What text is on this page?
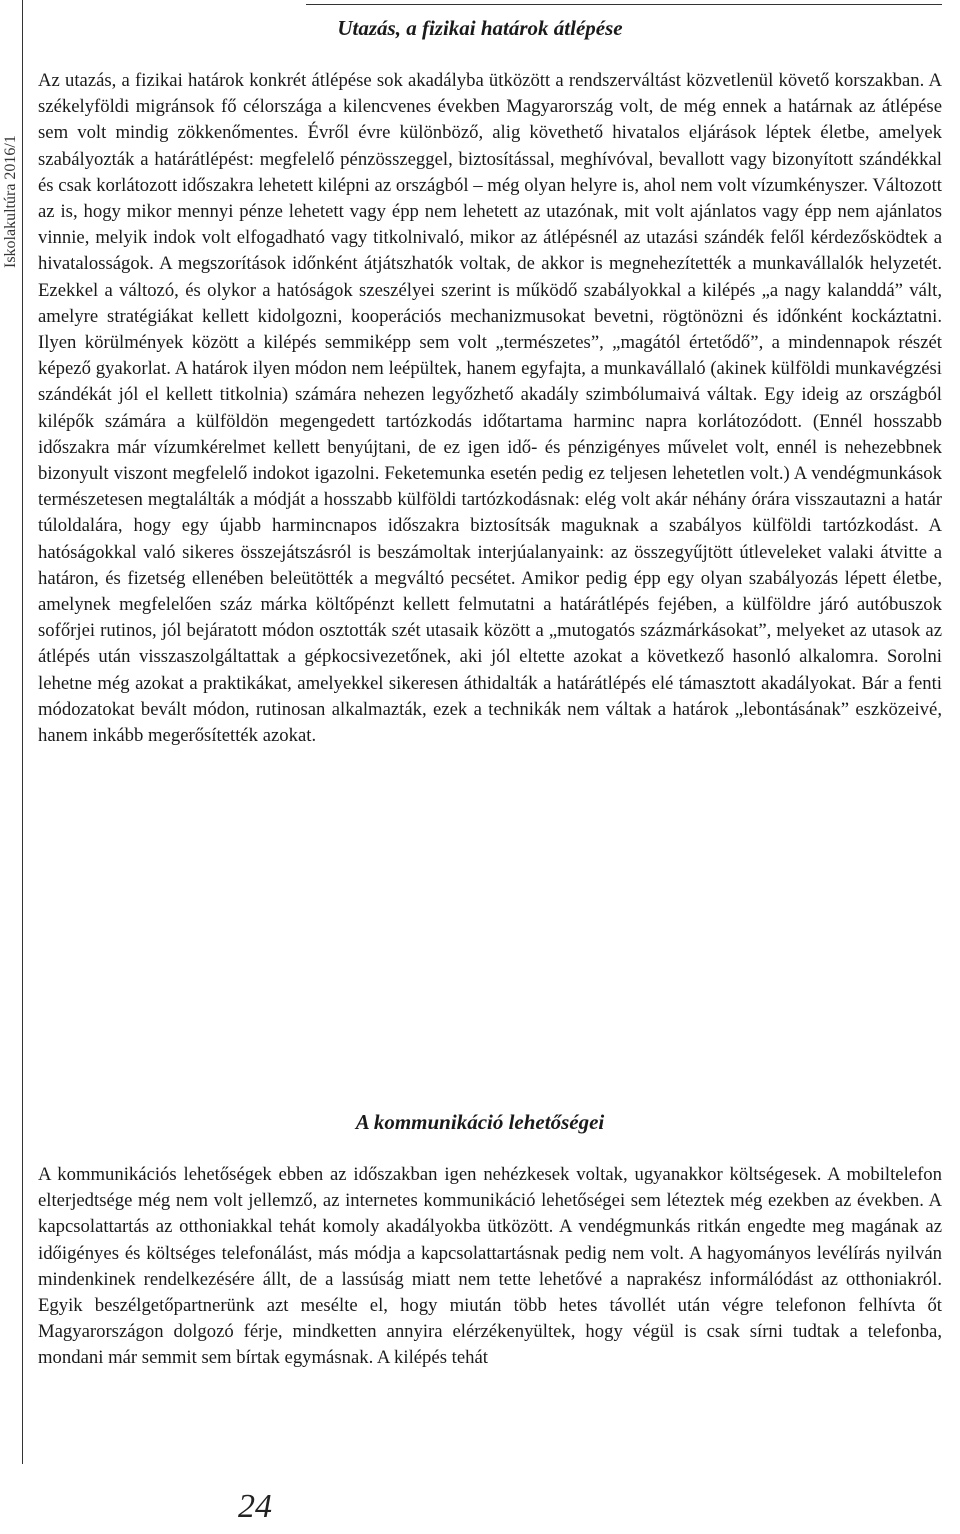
Iskolakultúra 2016/1
Utazás, a fizikai határok átlépése

Az utazás, a fizikai határok konkrét átlépése sok akadályba ütközött a rendszerváltást közvetlenül követő korszakban. A székelyföldi migránsok fő célországa a kilencvenes években Magyarország volt, de még ennek a határnak az átlépése sem volt mindig zökkenőmentes. Évről évre különböző, alig követhető hivatalos eljárások léptek életbe, amelyek szabályozták a határátlépést: megfelelő pénzösszeggel, biztosítással, meghívóval, bevallott vagy bizonyított szándékkal és csak korlátozott időszakra lehetett kilépni az országból – még olyan helyre is, ahol nem volt vízumkényszer. Változott az is, hogy mikor mennyi pénze lehetett vagy épp nem lehetett az utazónak, mit volt ajánlatos vagy épp nem ajánlatos vinnie, melyik indok volt elfogadható vagy titkolnivaló, mikor az átlépésnél az utazási szándék felől kérdezősködtek a hivatalosságok. A megszorítások időnként átjátszhatók voltak, de akkor is megnehezítették a munkavállalók helyzetét. Ezekkel a változó, és olykor a hatóságok szeszélyei szerint is működő szabályokkal a kilépés „a nagy kalanddá” vált, amelyre stratégiákat kellett kidolgozni, kooperációs mechanizmusokat bevetni, rögtönözni és időnként kockáztatni. Ilyen körülmények között a kilépés semmiképp sem volt „természetes”, „magától értetődő”, a mindennapok részét képező gyakorlat. A határok ilyen módon nem leépültek, hanem egyfajta, a munkavállaló (akinek külföldi munkavégzési szándékát jól el kellett titkolnia) számára nehezen legyőzhető akadály szimbólumaivá váltak. Egy ideig az országból kilépők számára a külföldön megengedett tartózkodás időtartama harminc napra korlátozódott. (Ennél hosszabb időszakra már vízumkérelmet kellett benyújtani, de ez igen idő- és pénzigényes művelet volt, ennél is nehezebbnek bizonyult viszont megfelelő indokot igazolni. Feketemunka esetén pedig ez teljesen lehetetlen volt.) A vendégmunkások természetesen megtalálták a módját a hosszabb külföldi tartózkodásnak: elég volt akár néhány órára visszautazni a határ túloldalára, hogy egy újabb harmincnapos időszakra biztosítsák maguknak a szabályos külföldi tartózkodást. A hatóságokkal való sikeres összejátszásról is beszámoltak interjúalanyaink: az összegyűjtött útleveleket valaki átvitte a határon, és fizetség ellenében beleütötték a megváltó pecsétet. Amikor pedig épp egy olyan szabályozás lépett életbe, amelynek megfelelően száz márka költőpénzt kellett felmutatni a határátlépés fejében, a külföldre járó autóbuszok sofőrjei rutinos, jól bejáratott módon osztották szét utasaik között a „mutogatós százmárkásokat”, melyeket az utasok az átlépés után visszaszolgáltattak a gépkocsivezetőnek, aki jól eltette azokat a következő hasonló alkalomra. Sorolni lehetne még azokat a praktikákat, amelyekkel sikeresen áthidalták a határátlépés elé támasztott akadályokat. Bár a fenti módozatokat bevált módon, rutinosan alkalmazták, ezek a technikák nem váltak a határok „lebontásának” eszközeivé, hanem inkább megerősítették azokat.

A kommunikáció lehetőségei

A kommunikációs lehetőségek ebben az időszakban igen nehézkesek voltak, ugyanakkor költségesek. A mobiltelefon elterjedtsége még nem volt jellemző, az internetes kommunikáció lehetőségei sem léteztek még ezekben az években. A kapcsolattartás az otthoniakkal tehát komoly akadályokba ütközött. A vendégmunkás ritkán engedte meg magának az időigényes és költséges telefonálást, más módja a kapcsolattartásnak pedig nem volt. A hagyományos levélírás nyilván mindenkinek rendelkezésére állt, de a lassúság miatt nem tette lehetővé a naprakész informálódást az otthoniakról. Egyik beszélgetőpartnerünk azt mesélte el, hogy miután több hetes távollét után végre telefonon felhívta őt Magyarországon dolgozó férje, mindketten annyira elérzékenyültek, hogy végül is csak sírni tudtak a telefonba, mondani már semmit sem bírtak egymásnak. A kilépés tehát

24
